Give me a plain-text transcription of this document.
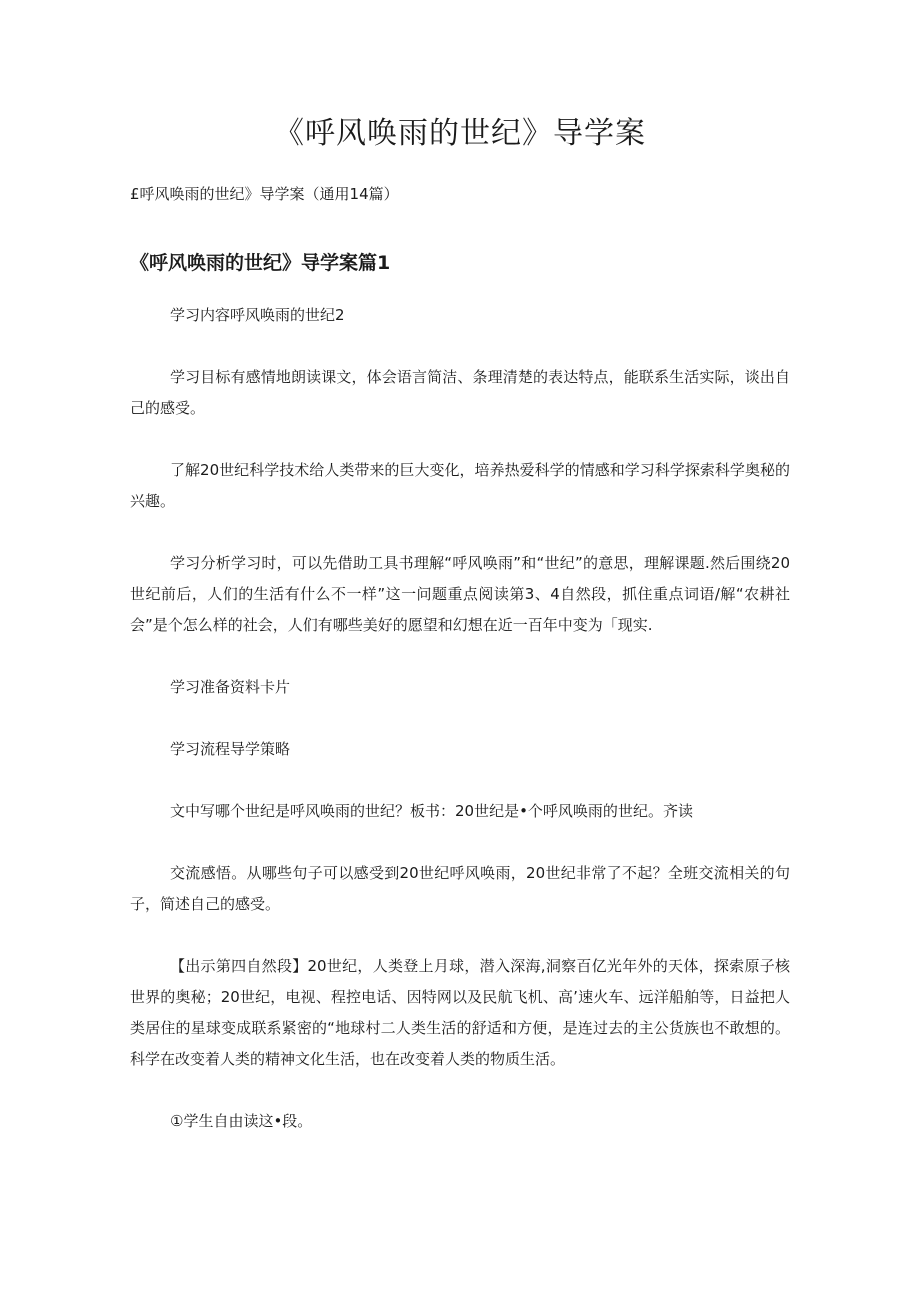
《呼风唤雨的世纪》导学案

£呼风唤雨的世纪》导学案（通用14篇）

《呼风唤雨的世纪》导学案篇1

学习内容呼风唤雨的世纪2

学习目标有感情地朗读课文，体会语言简洁、条理清楚的表达特点，能联系生活实际，谈出自己的感受。

了解20世纪科学技术给人类带来的巨大变化，培养热爱科学的情感和学习科学探索科学奥秘的兴趣。

学习分析学习时，可以先借助工具书理解“呼风唤雨”和“世纪”的意思，理解课题.然后围绕20世纪前后，人们的生活有什么不一样”这一问题重点阅读第3、4自然段，抓住重点词语/解“农耕社会”是个怎么样的社会，人们有哪些美好的愿望和幻想在近一百年中变为「现实.

学习准备资料卡片

学习流程导学策略

文中写哪个世纪是呼风唤雨的世纪？板书：20世纪是•个呼风唤雨的世纪。齐读

交流感悟。从哪些句子可以感受到20世纪呼风唤雨，20世纪非常了不起？全班交流相关的句子，简述自己的感受。

【出示第四自然段】20世纪，人类登上月球，潜入深海,洞察百亿光年外的天体，探索原子核世界的奥秘；20世纪，电视、程控电话、因特网以及民航飞机、高’速火车、远洋船舶等，日益把人类居住的星球变成联系紧密的“地球村二人类生活的舒适和方便，是连过去的主公货族也不敢想的。科学在改变着人类的精神文化生活，也在改变着人类的物质生活。

①学生自由读这•段。
